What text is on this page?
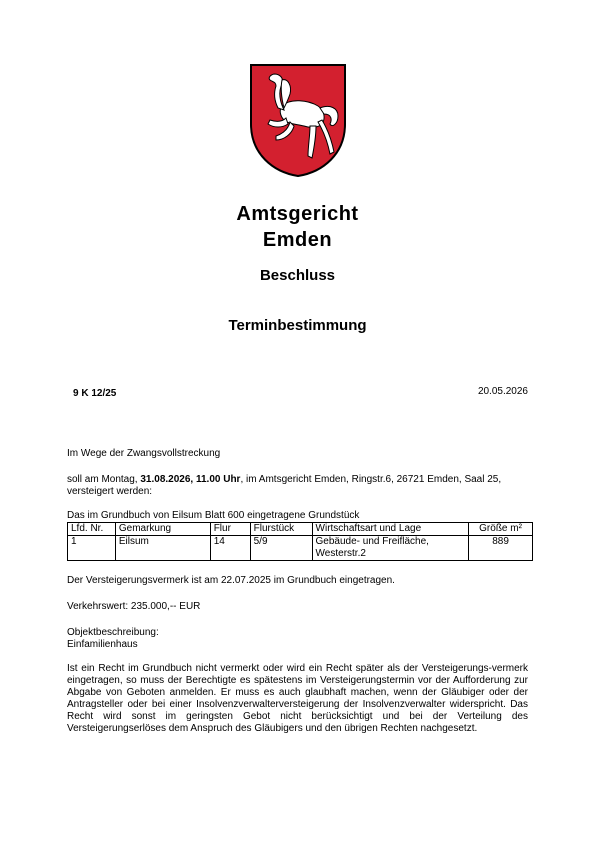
Amtsgericht
Emden
Beschluss
Terminbestimmung
9 K 12/25	20.05.2026
Im Wege der Zwangsvollstreckung
soll am Montag, 31.08.2026, 11.00 Uhr, im Amtsgericht Emden, Ringstr.6, 26721 Emden, Saal 25, versteigert werden:
Das im Grundbuch von Eilsum Blatt 600 eingetragene Grundstück
Lfd. Nr.	Gemarkung	Flur	Flurstück	Wirtschaftsart und Lage	Größe m²
1	Eilsum	14	5/9	Gebäude- und Freifläche, Westerstr.2	889
Der Versteigerungsvermerk ist am 22.07.2025 im Grundbuch eingetragen.
Verkehrswert: 235.000,-- EUR
Objektbeschreibung:
Einfamilienhaus
Ist ein Recht im Grundbuch nicht vermerkt oder wird ein Recht später als der Versteigerungs-vermerk eingetragen, so muss der Berechtigte es spätestens im Versteigerungstermin vor der Aufforderung zur Abgabe von Geboten anmelden. Er muss es auch glaubhaft machen, wenn der Gläubiger oder der Antragsteller oder bei einer Insolvenzverwalterversteigerung der Insolvenzverwalter widerspricht. Das Recht wird sonst im geringsten Gebot nicht berücksichtigt und bei der Verteilung des Versteigerungserlöses dem Anspruch des Gläubigers und den übrigen Rechten nachgesetzt.
